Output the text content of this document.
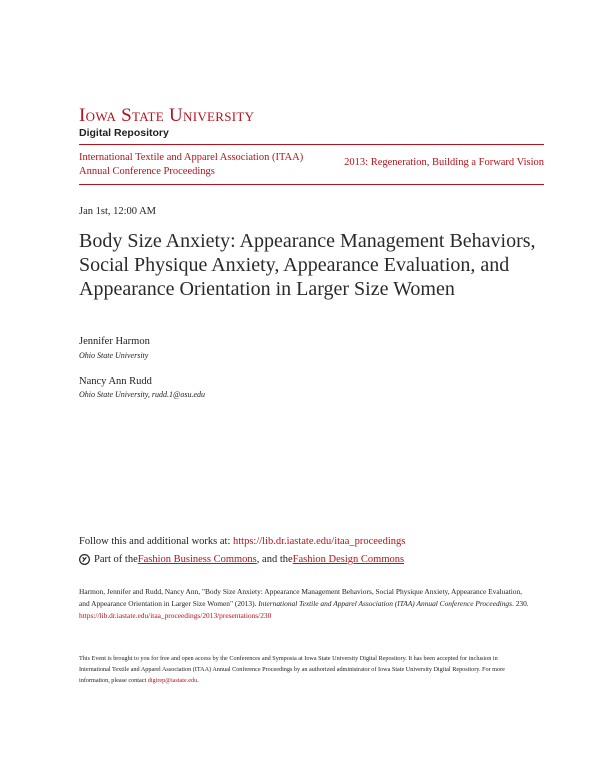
Iowa State University
Digital Repository
International Textile and Apparel Association (ITAA) Annual Conference Proceedings
2013: Regeneration, Building a Forward Vision
Jan 1st, 12:00 AM
Body Size Anxiety: Appearance Management Behaviors, Social Physique Anxiety, Appearance Evaluation, and Appearance Orientation in Larger Size Women
Jennifer Harmon
Ohio State University
Nancy Ann Rudd
Ohio State University, rudd.1@osu.edu
Follow this and additional works at: https://lib.dr.iastate.edu/itaa_proceedings
Part of the Fashion Business Commons , and the Fashion Design Commons
Harmon, Jennifer and Rudd, Nancy Ann, "Body Size Anxiety: Appearance Management Behaviors, Social Physique Anxiety, Appearance Evaluation, and Appearance Orientation in Larger Size Women" (2013). International Textile and Apparel Association (ITAA) Annual Conference Proceedings. 230.
https://lib.dr.iastate.edu/itaa_proceedings/2013/presentations/230
This Event is brought to you for free and open access by the Conferences and Symposia at Iowa State University Digital Repository. It has been accepted for inclusion in International Textile and Apparel Association (ITAA) Annual Conference Proceedings by an authorized administrator of Iowa State University Digital Repository. For more information, please contact digirep@iastate.edu.
